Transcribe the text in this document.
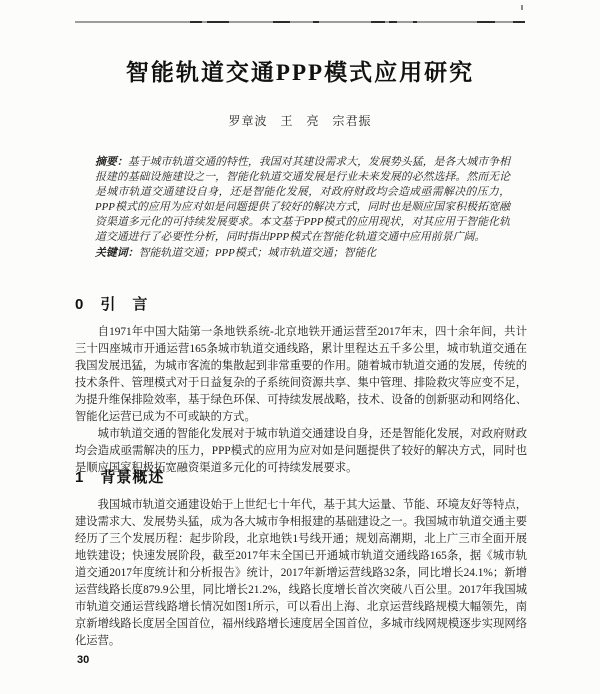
智能轨道交通PPP模式应用研究
罗章波　王　亮　宗君振

摘要：基于城市轨道交通的特性，我国对其建设需求大，发展势头猛，是各大城市争相报建的基础设施建设之一，智能化轨道交通发展是行业未来发展的必然选择。然而无论是城市轨道交通建设自身，还是智能化发展，对政府财政均会造成亟需解决的压力，PPP模式的应用为应对如是问题提供了较好的解决方式，同时也是顺应国家积极拓宽融资渠道多元化的可持续发展要求。本文基于PPP模式的应用现状，对其应用于智能化轨道交通进行了必要性分析，同时指出PPP模式在智能化轨道交通中应用前景广阔。

关键词：智能轨道交通；PPP模式；城市轨道交通；智能化

0 引　言

自1971年中国大陆第一条地铁系统-北京地铁开通运营至2017年末，四十余年间，共计三十四座城市开通运营165条城市轨道交通线路，累计里程达五千多公里，城市轨道交通在我国发展迅猛，为城市客流的集散起到非常重要的作用。随着城市轨道交通的发展，传统的技术条件、管理模式对于日益复杂的子系统间资源共享、集中管理、排险救灾等应变不足，为提升维保排险效率，基于绿色环保、可持续发展战略，技术、设备的创新驱动和网络化、智能化运营已成为不可或缺的方式。

城市轨道交通的智能化发展对于城市轨道交通建设自身，还是智能化发展，对政府财政均会造成亟需解决的压力，PPP模式的应用为应对如是问题提供了较好的解决方式，同时也是顺应国家积极拓宽融资渠道多元化的可持续发展要求。

1 背景概述

我国城市轨道交通建设始于上世纪七十年代，基于其大运量、节能、环境友好等特点，建设需求大、发展势头猛，成为各大城市争相报建的基础建设之一。我国城市轨道交通主要经历了三个发展历程：起步阶段，北京地铁1号线开通；规划高潮期，北上广三市全面开展地铁建设；快速发展阶段，截至2017年末全国已开通城市轨道交通线路165条，据《城市轨道交通2017年度统计和分析报告》统计，2017年新增运营线路32条，同比增长24.1%；新增运营线路长度879.9公里，同比增长21.2%，线路长度增长首次突破八百公里。2017年我国城市轨道交通运营线路增长情况如图1所示，可以看出上海、北京运营线路规模大幅领先，南京新增线路长度居全国首位，福州线路增长速度居全国首位，多城市线网规模逐步实现网络化运营。

30
